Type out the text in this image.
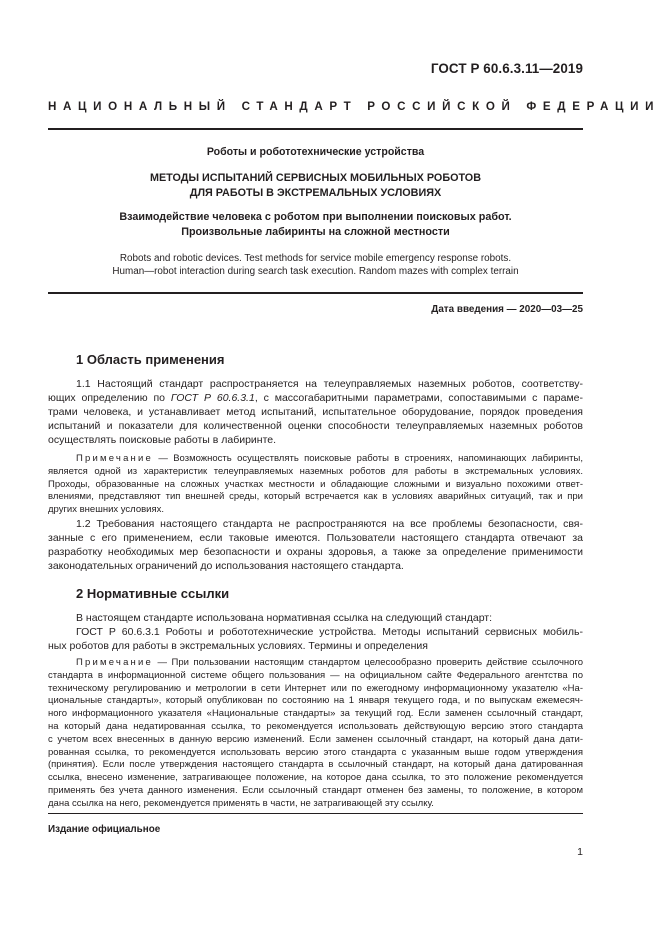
ГОСТ Р 60.6.3.11—2019
НАЦИОНАЛЬНЫЙ СТАНДАРТ РОССИЙСКОЙ ФЕДЕРАЦИИ
Роботы и робототехнические устройства
МЕТОДЫ ИСПЫТАНИЙ СЕРВИСНЫХ МОБИЛЬНЫХ РОБОТОВ
ДЛЯ РАБОТЫ В ЭКСТРЕМАЛЬНЫХ УСЛОВИЯХ
Взаимодействие человека с роботом при выполнении поисковых работ.
Произвольные лабиринты на сложной местности
Robots and robotic devices. Test methods for service mobile emergency response robots.
Human—robot interaction during search task execution. Random mazes with complex terrain
Дата введения — 2020—03—25
1 Область применения
1.1 Настоящий стандарт распространяется на телеуправляемых наземных роботов, соответству-
ющих определению по ГОСТ Р 60.6.3.1, с массогабаритными параметрами, сопоставимыми с параме-
трами человека, и устанавливает метод испытаний, испытательное оборудование, порядок проведения
испытаний и показатели для количественной оценки способности телеуправляемых наземных роботов
осуществлять поисковые работы в лабиринте.
Примечание — Возможность осуществлять поисковые работы в строениях, напоминающих лабиринты,
является одной из характеристик телеуправляемых наземных роботов для работы в экстремальных условиях.
Проходы, образованные на сложных участках местности и обладающие сложными и визуально похожими ответ-
влениями, представляют тип внешней среды, который встречается как в условиях аварийных ситуаций, так и при
других внешних условиях.
1.2 Требования настоящего стандарта не распространяются на все проблемы безопасности, свя-
занные с его применением, если таковые имеются. Пользователи настоящего стандарта отвечают за
разработку необходимых мер безопасности и охраны здоровья, а также за определение применимости
законодательных ограничений до использования настоящего стандарта.
2 Нормативные ссылки
В настоящем стандарте использована нормативная ссылка на следующий стандарт:
ГОСТ Р 60.6.3.1 Роботы и робототехнические устройства. Методы испытаний сервисных мобиль-
ных роботов для работы в экстремальных условиях. Термины и определения
Примечание — При пользовании настоящим стандартом целесообразно проверить действие ссылочного
стандарта в информационной системе общего пользования — на официальном сайте Федерального агентства по
техническому регулированию и метрологии в сети Интернет или по ежегодному информационному указателю «На-
циональные стандарты», который опубликован по состоянию на 1 января текущего года, и по выпускам ежемесяч-
ного информационного указателя «Национальные стандарты» за текущий год. Если заменен ссылочный стандарт,
на который дана недатированная ссылка, то рекомендуется использовать действующую версию этого стандарта
с учетом всех внесенных в данную версию изменений. Если заменен ссылочный стандарт, на который дана дати-
рованная ссылка, то рекомендуется использовать версию этого стандарта с указанным выше годом утверждения
(принятия). Если после утверждения настоящего стандарта в ссылочный стандарт, на который дана датированная
ссылка, внесено изменение, затрагивающее положение, на которое дана ссылка, то это положение рекомендуется
применять без учета данного изменения. Если ссылочный стандарт отменен без замены, то положение, в котором
дана ссылка на него, рекомендуется применять в части, не затрагивающей эту ссылку.
Издание официальное
1
